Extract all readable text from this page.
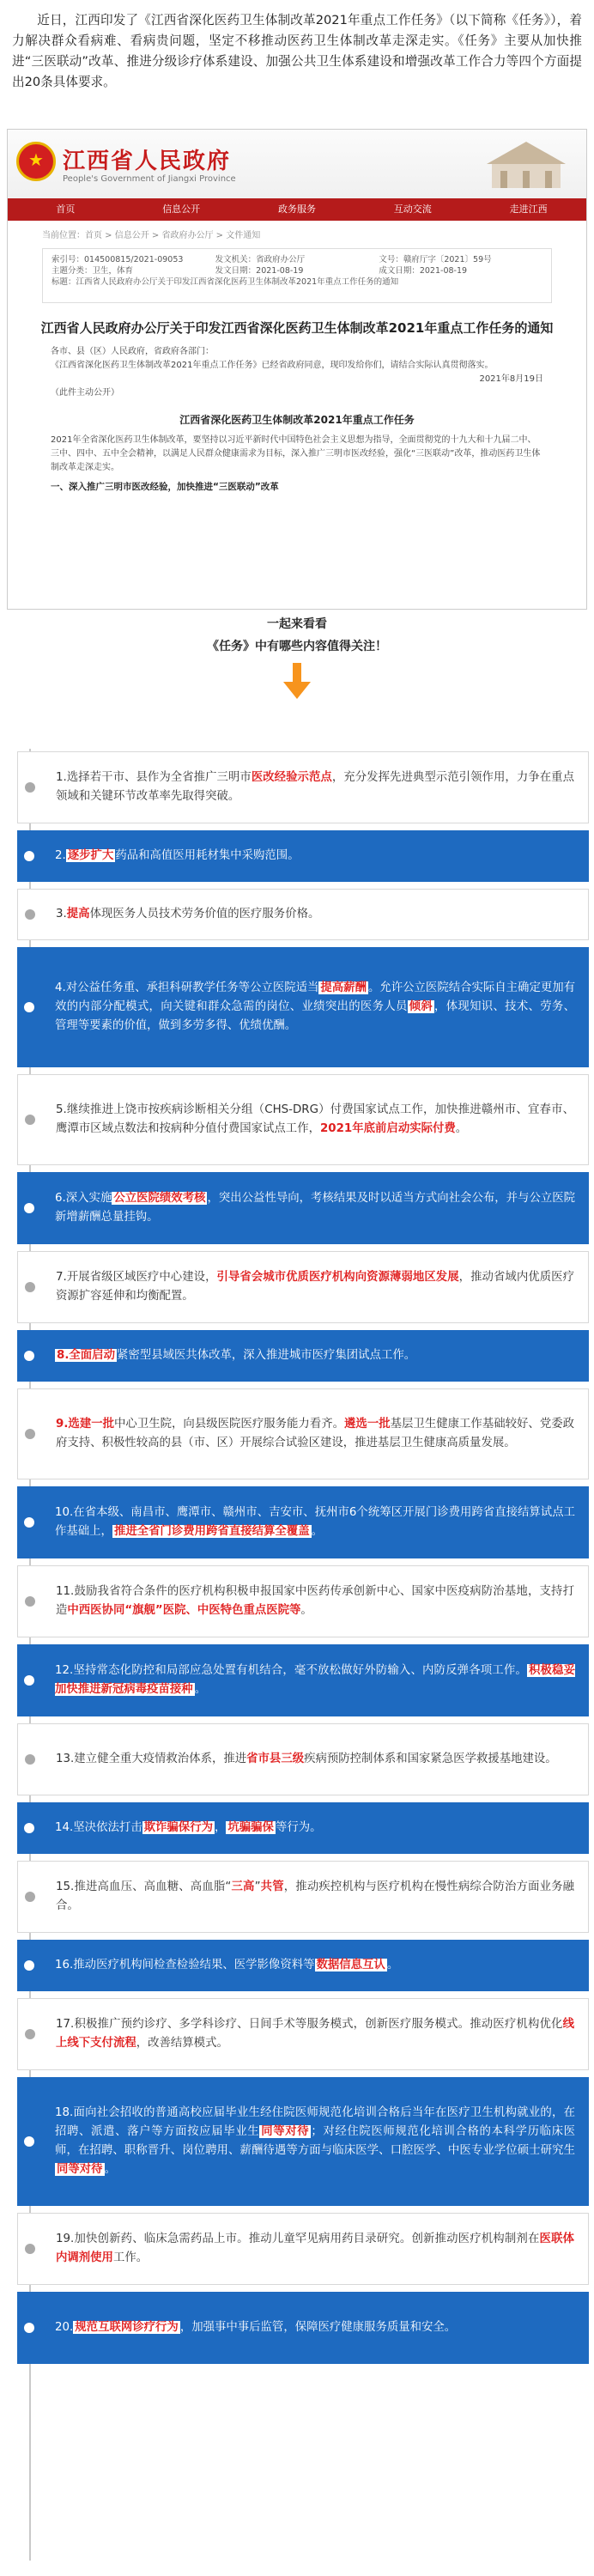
近日，江西印发了《江西省深化医药卫生体制改革2021年重点工作任务》（以下简称《任务》），着力解决群众看病难、看病贵问题，坚定不移推动医药卫生体制改革走深走实。《任务》主要从加快推进“三医联动”改革、推进分级诊疗体系建设、加强公共卫生体系建设和增强改革工作合力等四个方面提出20条具体要求。
★ 江西省人民政府
People's Government of Jiangxi Province
首页	信息公开	政务服务	互动交流	走进江西
当前位置：首页 > 信息公开 > 省政府办公厅 > 文件通知
索引号：014500815/2021-09053	发文机关：省政府办公厅	文号：赣府厅字〔2021〕59号
主题分类：卫生，体育	发文日期：2021-08-19	成文日期：2021-08-19
标题：江西省人民政府办公厅关于印发江西省深化医药卫生体制改革2021年重点工作任务的通知
江西省人民政府办公厅关于印发江西省深化医药卫生体制改革2021年重点工作任务的通知
各市、县（区）人民政府，省政府各部门：
《江西省深化医药卫生体制改革2021年重点工作任务》已经省政府同意，现印发给你们，请结合实际认真贯彻落实。
2021年8月19日
（此件主动公开）
江西省深化医药卫生体制改革2021年重点工作任务
2021年全省深化医药卫生体制改革，要坚持以习近平新时代中国特色社会主义思想为指导，全面贯彻党的十九大和十九届二中、三中、四中、五中全会精神，以满足人民群众健康需求为目标，深入推广三明市医改经验，强化“三医联动”改革，推动医药卫生体制改革走深走实。
一、深入推广三明市医改经验，加快推进“三医联动”改革
一起来看看
《任务》中有哪些内容值得关注！
1.选择若干市、县作为全省推广三明市医改经验示范点，充分发挥先进典型示范引领作用，力争在重点领域和关键环节改革率先取得突破。
2. 逐步扩大 药品和高值医用耗材集中采购范围。
3.提高体现医务人员技术劳务价值的医疗服务价格。
4.对公益任务重、承担科研教学任务等公立医院适当 提高薪酬 。允许公立医院结合实际自主确定更加有效的内部分配模式，向关键和群众急需的岗位、业绩突出的医务人员 倾斜 ，体现知识、技术、劳务、管理等要素的价值，做到多劳多得、优绩优酬。
5.继续推进上饶市按疾病诊断相关分组（CHS-DRG）付费国家试点工作，加快推进赣州市、宜春市、鹰潭市区域点数法和按病种分值付费国家试点工作，2021年底前启动实际付费。
6.深入实施 公立医院绩效考核 ，突出公益性导向，考核结果及时以适当方式向社会公布，并与公立医院新增薪酬总量挂钩。
7.开展省级区域医疗中心建设，引导省会城市优质医疗机构向资源薄弱地区发展，推动省域内优质医疗资源扩容延伸和均衡配置。
8.全面启动 紧密型县域医共体改革，深入推进城市医疗集团试点工作。
9.选建一批中心卫生院，向县级医院医疗服务能力看齐。遴选一批基层卫生健康工作基础较好、党委政府支持、积极性较高的县（市、区）开展综合试验区建设，推进基层卫生健康高质量发展。
10.在省本级、南昌市、鹰潭市、赣州市、吉安市、抚州市6个统筹区开展门诊费用跨省直接结算试点工作基础上， 推进全省门诊费用跨省直接结算全覆盖 。
11.鼓励我省符合条件的医疗机构积极申报国家中医药传承创新中心、国家中医疫病防治基地，支持打造中西医协同“旗舰”医院、中医特色重点医院等。
12.坚持常态化防控和局部应急处置有机结合，毫不放松做好外防输入、内防反弹各项工作。 积极稳妥加快推进新冠病毒疫苗接种 。
13.建立健全重大疫情救治体系，推进省市县三级疾病预防控制体系和国家紧急医学救援基地建设。
14.坚决依法打击 欺诈骗保行为 ， 坑骗骗保 等行为。
15.推进高血压、高血糖、高血脂“三高”共管，推动疾控机构与医疗机构在慢性病综合防治方面业务融合。
16.推动医疗机构间检查检验结果、医学影像资料等 数据信息互认 。
17.积极推广预约诊疗、多学科诊疗、日间手术等服务模式，创新医疗服务模式。推动医疗机构优化线上线下支付流程，改善结算模式。
18.面向社会招收的普通高校应届毕业生经住院医师规范化培训合格后当年在医疗卫生机构就业的，在招聘、派遣、落户等方面按应届毕业生 同等对待 ；对经住院医师规范化培训合格的本科学历临床医师，在招聘、职称晋升、岗位聘用、薪酬待遇等方面与临床医学、口腔医学、中医专业学位硕士研究生同等对待 。
19.加快创新药、临床急需药品上市。推动儿童罕见病用药目录研究。创新推动医疗机构制剂在医联体内调剂使用工作。
20. 规范互联网诊疗行为 ，加强事中事后监管，保障医疗健康服务质量和安全。
